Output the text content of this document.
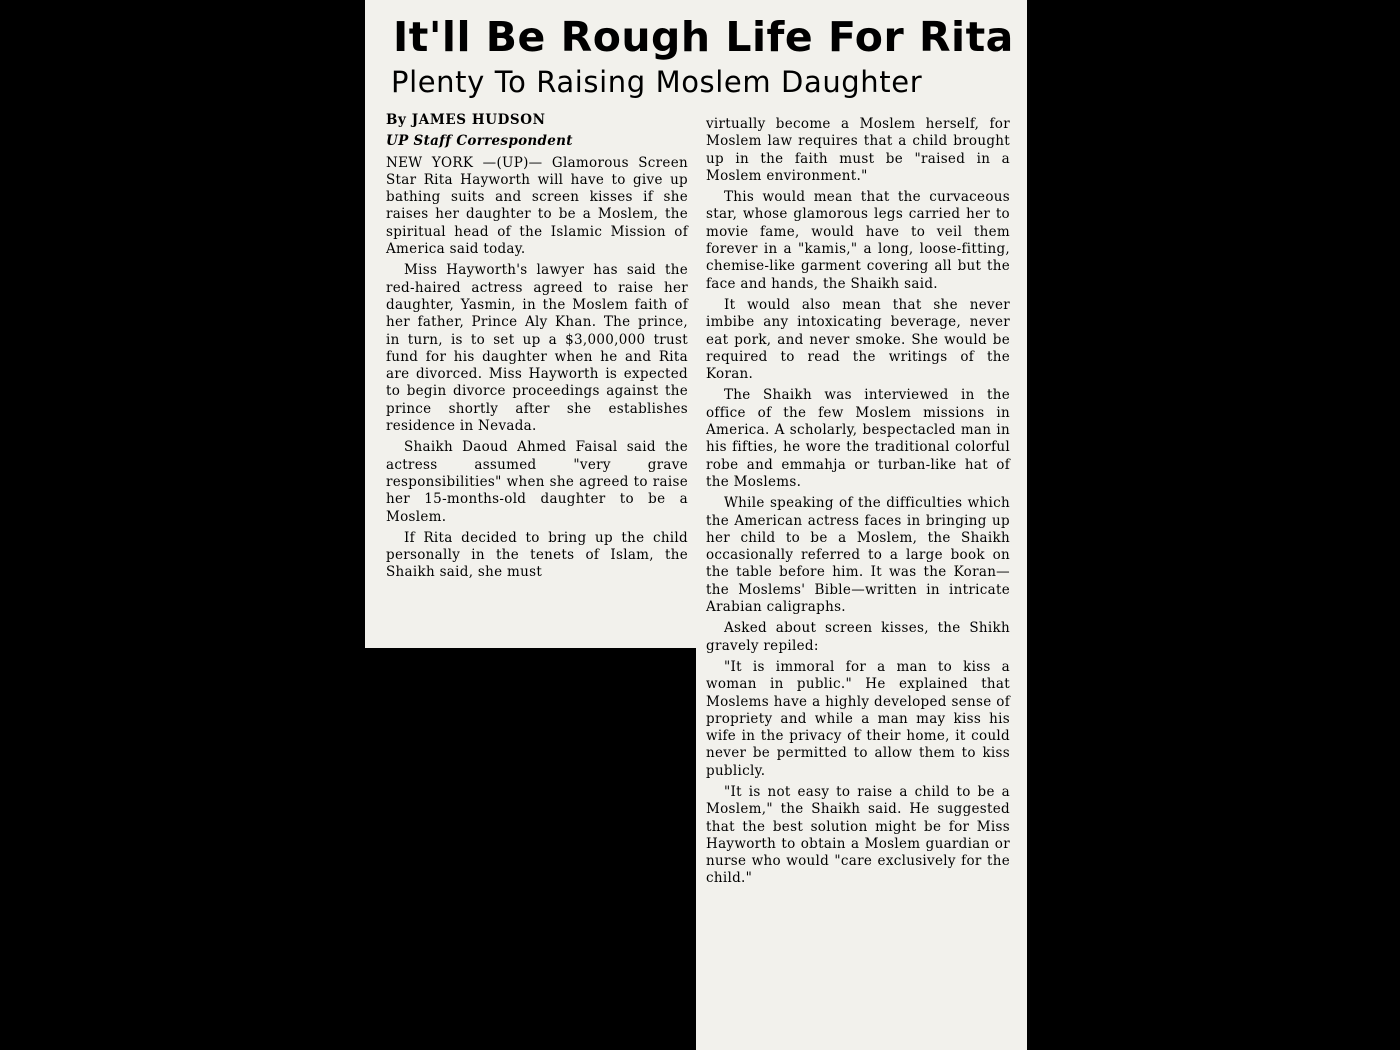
It'll Be Rough Life For Rita
Plenty To Raising Moslem Daughter

By JAMES HUDSON

UP Staff Correspondent

NEW YORK —(UP)— Glamorous Screen Star Rita Hayworth will have to give up bathing suits and screen kisses if she raises her daughter to be a Moslem, the spiritual head of the Islamic Mission of America said today.

Miss Hayworth's lawyer has said the red-haired actress agreed to raise her daughter, Yasmin, in the Moslem faith of her father, Prince Aly Khan. The prince, in turn, is to set up a $3,000,000 trust fund for his daughter when he and Rita are divorced. Miss Hayworth is expected to begin divorce proceedings against the prince shortly after she establishes residence in Nevada.

Shaikh Daoud Ahmed Faisal said the actress assumed "very grave responsibilities" when she agreed to raise her 15-months-old daughter to be a Moslem.

If Rita decided to bring up the child personally in the tenets of Islam, the Shaikh said, she must

virtually become a Moslem herself, for Moslem law requires that a child brought up in the faith must be "raised in a Moslem environment."

This would mean that the curvaceous star, whose glamorous legs carried her to movie fame, would have to veil them forever in a "kamis," a long, loose-fitting, chemise-like garment covering all but the face and hands, the Shaikh said.

It would also mean that she never imbibe any intoxicating beverage, never eat pork, and never smoke. She would be required to read the writings of the Koran.

The Shaikh was interviewed in the office of the few Moslem missions in America. A scholarly, bespectacled man in his fifties, he wore the traditional colorful robe and emmahja or turban-like hat of the Moslems.

While speaking of the difficulties which the American actress faces in bringing up her child to be a Moslem, the Shaikh occasionally referred to a large book on the table before him. It was the Koran—the Moslems' Bible—written in intricate Arabian caligraphs.

Asked about screen kisses, the Shikh gravely repiled:

"It is immoral for a man to kiss a woman in public." He explained that Moslems have a highly developed sense of propriety and while a man may kiss his wife in the privacy of their home, it could never be permitted to allow them to kiss publicly.

"It is not easy to raise a child to be a Moslem," the Shaikh said. He suggested that the best solution might be for Miss Hayworth to obtain a Moslem guardian or nurse who would "care exclusively for the child."
